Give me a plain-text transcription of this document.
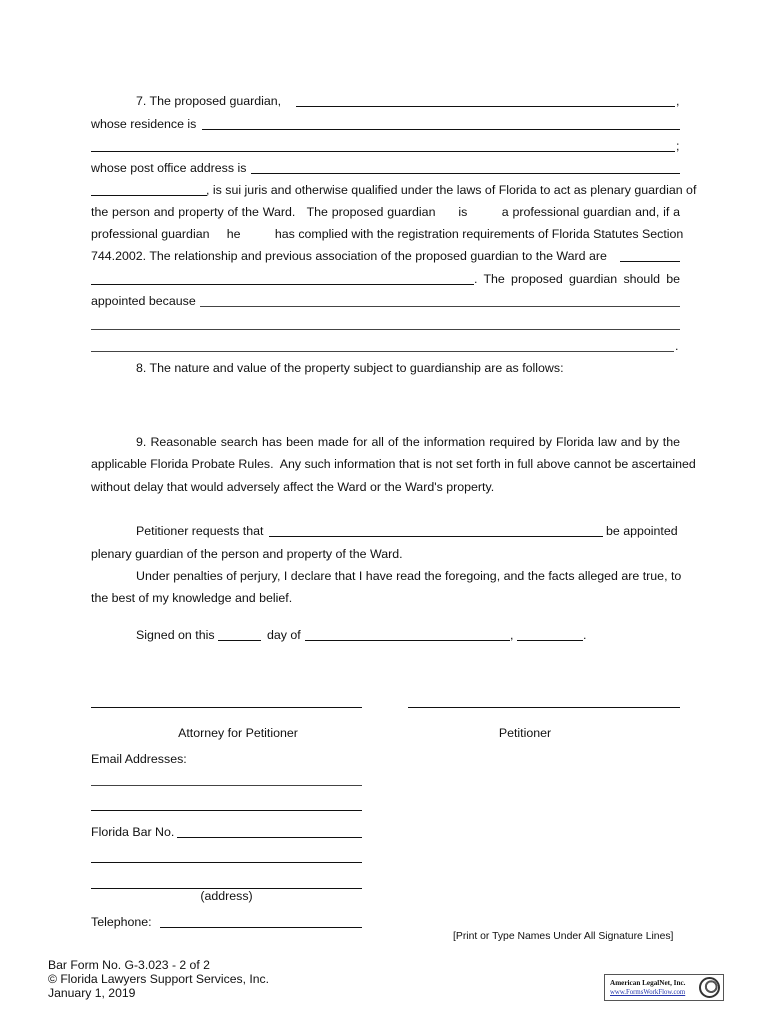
7. The proposed guardian,	,
whose residence is
;
whose post office address is
, is sui juris and otherwise qualified under the laws of Florida to act as plenary guardian of
the person and property of the Ward.   The proposed guardian      is         a professional guardian and, if a
professional guardian     he          has complied with the registration requirements of Florida Statutes Section
744.2002. The relationship and previous association of the proposed guardian to the Ward are
. The proposed guardian should be
appointed because
.
8. The nature and value of the property subject to guardianship are as follows:
9. Reasonable search has been made for all of the information required by Florida law and by the
applicable Florida Probate Rules.  Any such information that is not set forth in full above cannot be ascertained
without delay that would adversely affect the Ward or the Ward's property.
Petitioner requests that	be appointed
plenary guardian of the person and property of the Ward.
Under penalties of perjury, I declare that I have read the foregoing, and the facts alleged are true, to
the best of my knowledge and belief.
Signed on this	day of	,	.
Attorney for Petitioner	Petitioner
Email Addresses:
Florida Bar No.
(address)
Telephone:
[Print or Type Names Under All Signature Lines]
Bar Form No. G-3.023 - 2 of 2
© Florida Lawyers Support Services, Inc.
January 1, 2019
American LegalNet, Inc.
www.FormsWorkFlow.com
